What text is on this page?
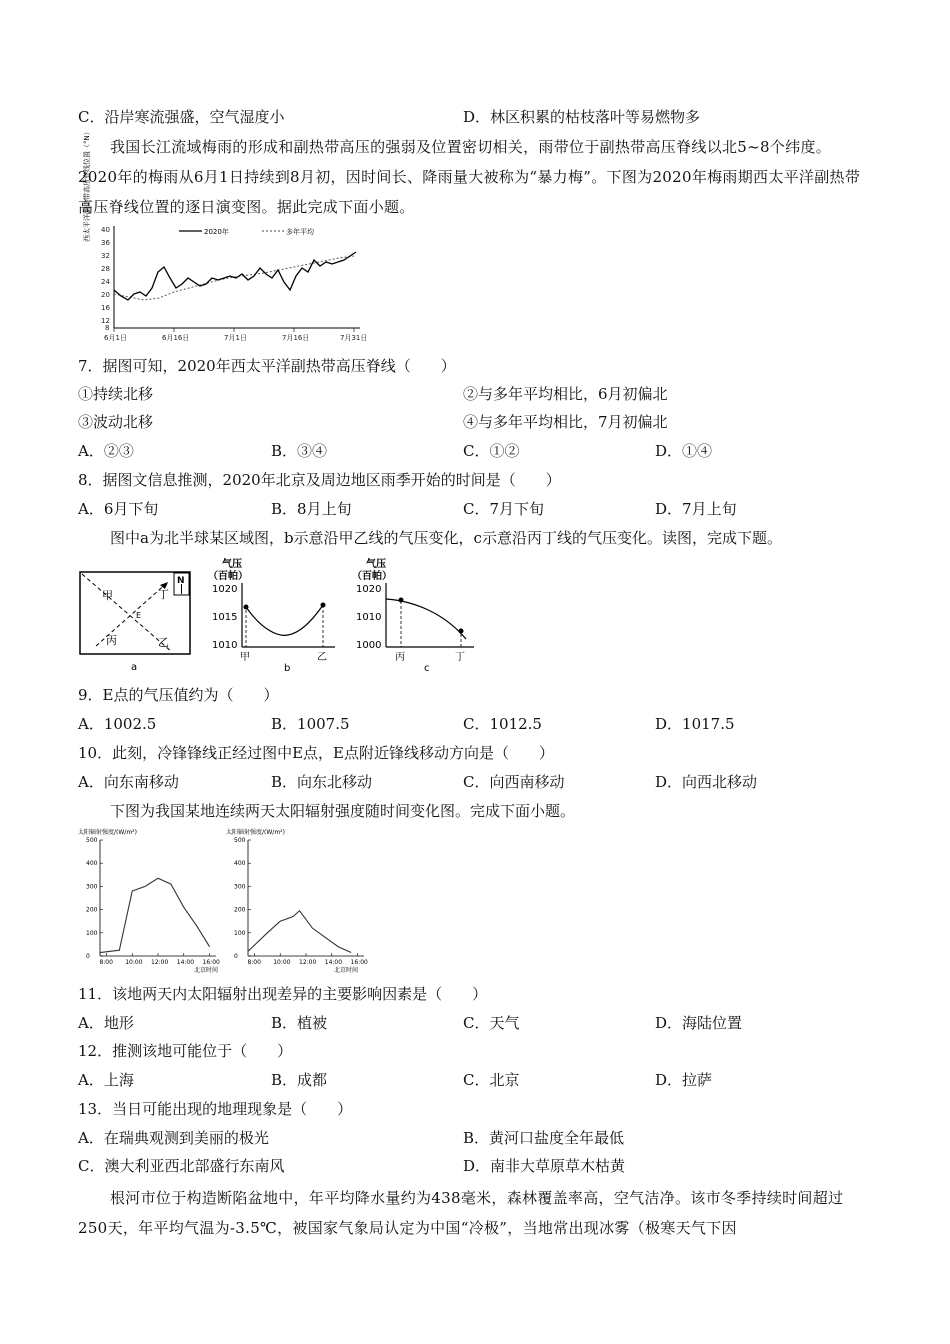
C．沿岸寒流强盛，空气湿度小	D．林区积累的枯枝落叶等易燃物多
我国长江流域梅雨的形成和副热带高压的强弱及位置密切相关，雨带位于副热带高压脊线以北5~8个纬度。2020年的梅雨从6月1日持续到8月初，因时间长、降雨量大被称为“暴力梅”。下图为2020年梅雨期西太平洋副热带高压脊线位置的逐日演变图。据此完成下面小题。
西太平洋副热带高压脊线位置（°N） 40
36
32
28
24
20
16
12
8
6月1日	6月16日	7月1日	7月16日	7月31日
2020年	多年平均
7．据图可知，2020年西太平洋副热带高压脊线（　　）
①持续北移	②与多年平均相比，6月初偏北
③波动北移	④与多年平均相比，7月初偏北
A．②③	B．③④	C．①②	D．①④
8．据图文信息推测，2020年北京及周边地区雨季开始的时间是（　　）
A．6月下旬	B．8月上旬	C．7月下旬	D．7月上旬
图中a为北半球某区域图，b示意沿甲乙线的气压变化，c示意沿丙丁线的气压变化。读图，完成下题。
N
甲	丁
E
丙	乙
a
气压
（百帕）
1020
1015
1010
甲	乙
b
气压
（百帕）
1020
1010
1000
丙	丁
c
9．E点的气压值约为（　　）
A．1002.5	B．1007.5	C．1012.5	D．1017.5
10．此刻，冷锋锋线正经过图中E点，E点附近锋线移动方向是（　　）
A．向东南移动	B．向东北移动	C．向西南移动	D．向西北移动
下图为我国某地连续两天太阳辐射强度随时间变化图。完成下面小题。
太阳辐射强度/(W/m²)
北京时间
500
400
300
200
100
0
8:00 10:00 12:00 14:00 16:00
太阳辐射强度/(W/m²)
北京时间
500
400
300
200
100
0
8:00 10:00 12:00 14:00 16:00
11．该地两天内太阳辐射出现差异的主要影响因素是（　　）
A．地形	B．植被	C．天气	D．海陆位置
12．推测该地可能位于（　　）
A．上海	B．成都	C．北京	D．拉萨
13．当日可能出现的地理现象是（　　）
A．在瑞典观测到美丽的极光	B．黄河口盐度全年最低
C．澳大利亚西北部盛行东南风	D．南非大草原草木枯黄
根河市位于构造断陷盆地中，年平均降水量约为438毫米，森林覆盖率高，空气洁净。该市冬季持续时间超过250天，年平均气温为-3.5℃，被国家气象局认定为中国“冷极”，当地常出现冰雾（极寒天气下因
